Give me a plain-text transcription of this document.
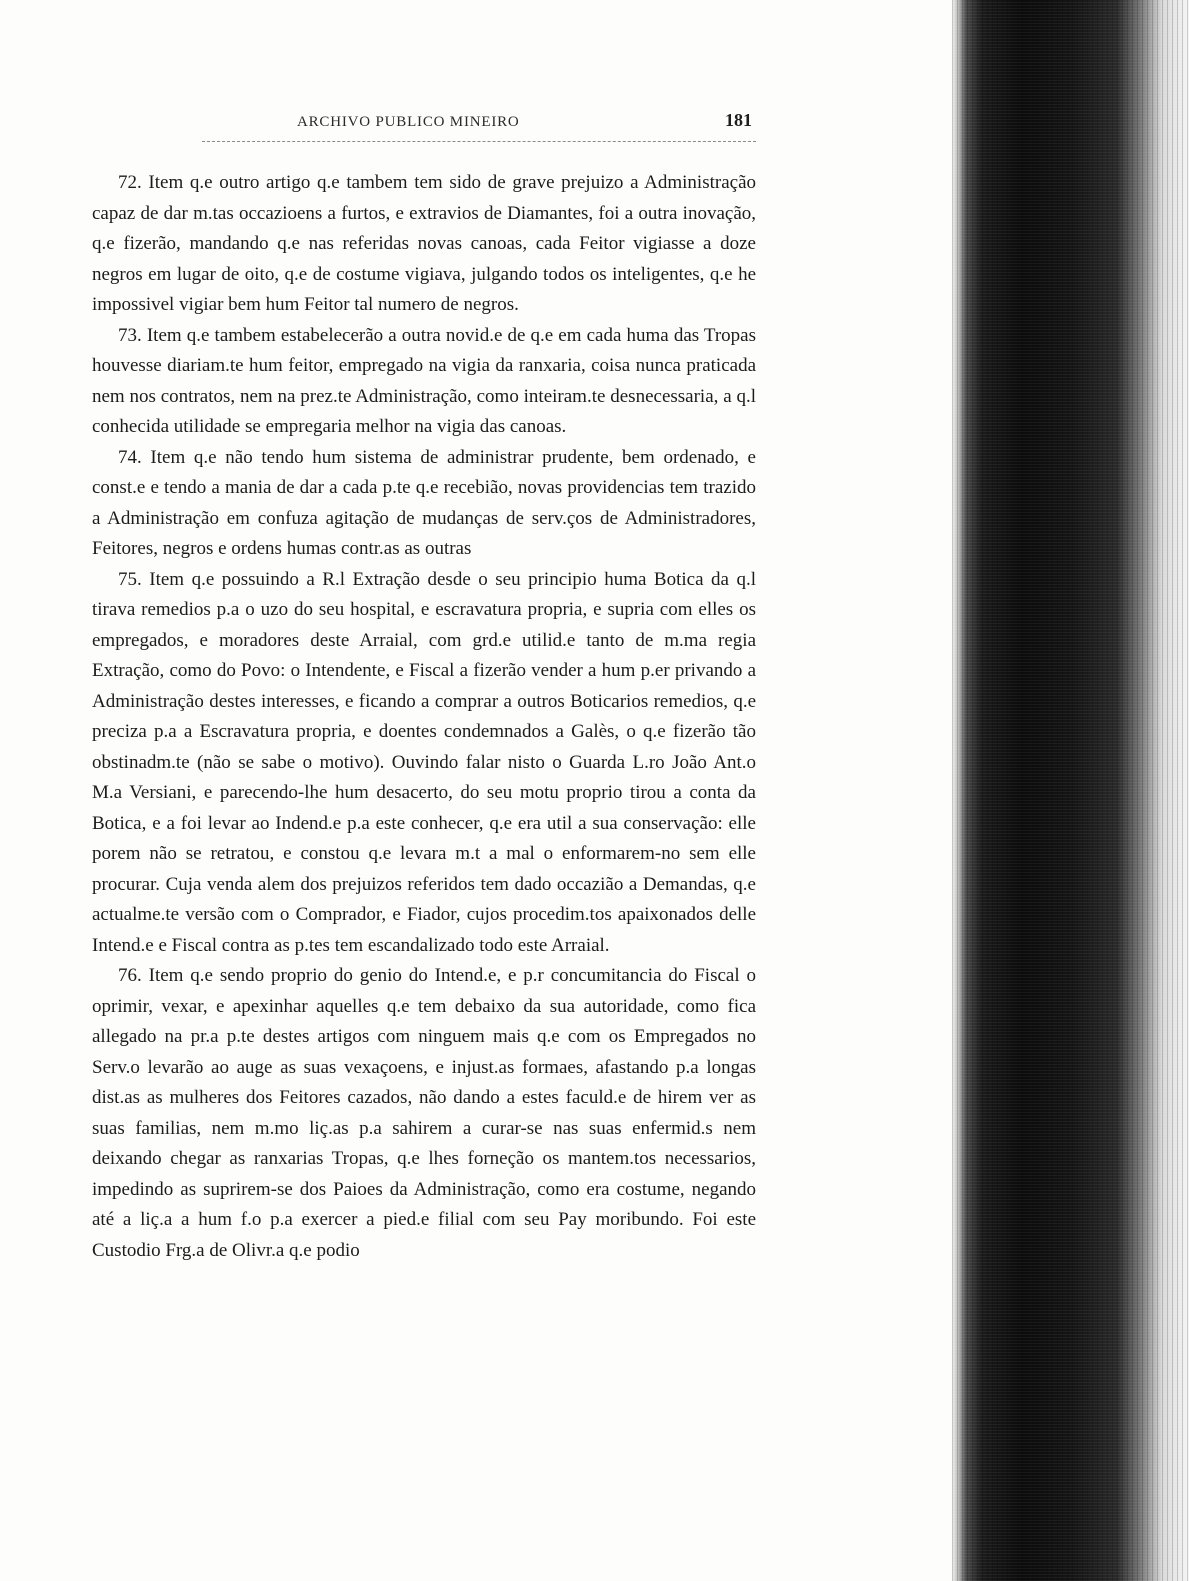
ARCHIVO PUBLICO MINEIRO	181

72. Item q.e outro artigo q.e tambem tem sido de grave prejuizo a Administração capaz de dar m.tas occazioens a furtos, e extravios de Diamantes, foi a outra inovação, q.e fizerão, mandando q.e nas referidas novas canoas, cada Feitor vigiasse a doze negros em lugar de oito, q.e de costume vigiava, julgando todos os inteligentes, q.e he impossivel vigiar bem hum Feitor tal numero de negros.

73. Item q.e tambem estabelecerão a outra novid.e de q.e em cada huma das Tropas houvesse diariam.te hum feitor, empregado na vigia da ranxaria, coisa nunca praticada nem nos contratos, nem na prez.te Administração, como inteiram.te desnecessaria, a q.l conhecida utilidade se empregaria melhor na vigia das canoas.

74. Item q.e não tendo hum sistema de administrar prudente, bem ordenado, e const.e e tendo a mania de dar a cada p.te q.e recebião, novas providencias tem trazido a Administração em confuza agitação de mudanças de serv.ços de Administradores, Feitores, negros e ordens humas contr.as as outras

75. Item q.e possuindo a R.l Extração desde o seu principio huma Botica da q.l tirava remedios p.a o uzo do seu hospital, e escravatura propria, e supria com elles os empregados, e moradores deste Arraial, com grd.e utilid.e tanto de m.ma regia Extração, como do Povo: o Intendente, e Fiscal a fizerão vender a hum p.er privando a Administração destes interesses, e ficando a comprar a outros Boticarios remedios, q.e preciza p.a a Escravatura propria, e doentes condemnados a Galès, o q.e fizerão tão obstinadm.te (não se sabe o motivo). Ouvindo falar nisto o Guarda L.ro João Ant.o M.a Versiani, e parecendo-lhe hum desacerto, do seu motu proprio tirou a conta da Botica, e a foi levar ao Indend.e p.a este conhecer, q.e era util a sua conservação: elle porem não se retratou, e constou q.e levara m.t a mal o enformarem-no sem elle procurar. Cuja venda alem dos prejuizos referidos tem dado occazião a Demandas, q.e actualme.te versão com o Comprador, e Fiador, cujos procedim.tos apaixonados delle Intend.e e Fiscal contra as p.tes tem escandalizado todo este Arraial.

76. Item q.e sendo proprio do genio do Intend.e, e p.r concumitancia do Fiscal o oprimir, vexar, e apexinhar aquelles q.e tem debaixo da sua autoridade, como fica allegado na pr.a p.te destes artigos com ninguem mais q.e com os Empregados no Serv.o levarão ao auge as suas vexaçoens, e injust.as formaes, afastando p.a longas dist.as as mulheres dos Feitores cazados, não dando a estes faculd.e de hirem ver as suas familias, nem m.mo liç.as p.a sahirem a curar-se nas suas enfermid.s nem deixando chegar as ranxarias Tropas, q.e lhes forneção os mantem.tos necessarios, impedindo as suprirem-se dos Paioes da Administração, como era costume, negando até a liç.a a hum f.o p.a exercer a pied.e filial com seu Pay moribundo. Foi este Custodio Frg.a de Olivr.a q.e podio
